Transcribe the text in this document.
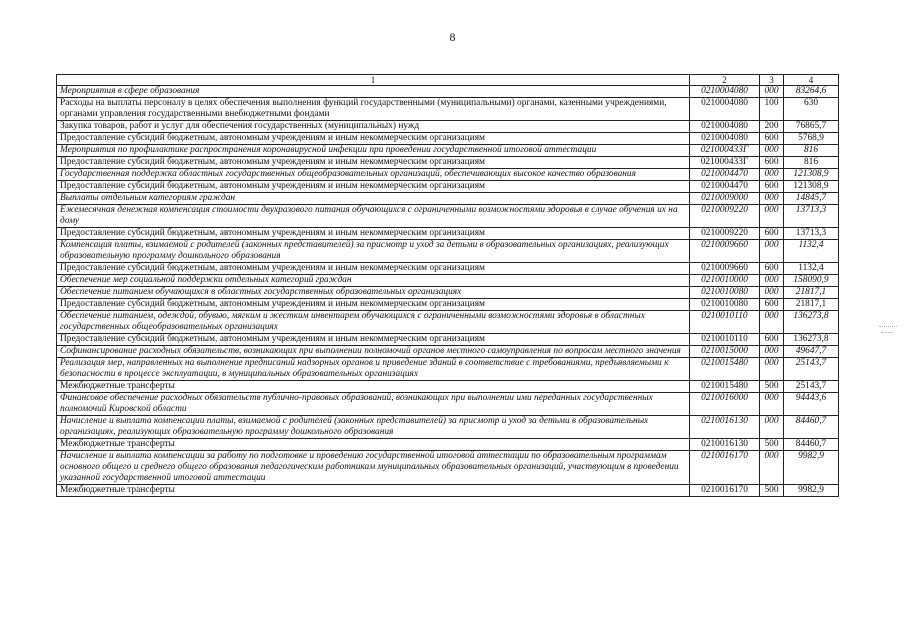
8
1	2	3	4
Мероприятия в сфере образования	0210004080	000	83264,6
Расходы на выплаты персоналу в целях обеспечения выполнения функций государственными (муниципальными) органами, казенными учреждениями, органами управления государственными внебюджетными фондами	0210004080	100	630
Закупка товаров, работ и услуг для обеспечения государственных (муниципальных) нужд	0210004080	200	76865,7
Предоставление субсидий бюджетным, автономным учреждениям и иным некоммерческим организациям	0210004080	600	5768,9
Мероприятия по профилактике распространения коронавирусной инфекции при проведении государственной итоговой аттестации	021000433Г	000	816
Предоставление субсидий бюджетным, автономным учреждениям и иным некоммерческим организациям	021000433Г	600	816
Государственная поддержка областных государственных общеобразовательных организаций, обеспечивающих высокое качество образования	0210004470	000	121308,9
Предоставление субсидий бюджетным, автономным учреждениям и иным некоммерческим организациям	0210004470	600	121308,9
Выплаты отдельным категориям граждан	0210009000	000	14845,7
Ежемесячная денежная компенсация стоимости двухразового питания обучающихся с ограниченными возможностями здоровья в случае обучения их на дому	0210009220	000	13713,3
Предоставление субсидий бюджетным, автономным учреждениям и иным некоммерческим организациям	0210009220	600	13713,3
Компенсация платы, взимаемой с родителей (законных представителей) за присмотр и уход за детьми в образовательных организациях, реализующих образовательную программу дошкольного образования	0210009660	000	1132,4
Предоставление субсидий бюджетным, автономным учреждениям и иным некоммерческим организациям	0210009660	600	1132,4
Обеспечение мер социальной поддержки отдельных категорий граждан	0210010000	000	158090,9
Обеспечение питанием обучающихся в областных государственных образовательных организациях	0210010080	000	21817,1
Предоставление субсидий бюджетным, автономным учреждениям и иным некоммерческим организациям	0210010080	600	21817,1
Обеспечение питанием, одеждой, обувью, мягким и жестким инвентарем обучающихся с ограниченными возможностями здоровья в областных государственных общеобразовательных организациях	0210010110	000	136273,8
Предоставление субсидий бюджетным, автономным учреждениям и иным некоммерческим организациям	0210010110	600	136273,8
Софинансирование расходных обязательств, возникающих при выполнении полномочий органов местного самоуправления по вопросам местного значения	0210015000	000	49647,7
Реализация мер, направленных на выполнение предписаний надзорных органов и приведение зданий в соответствие с требованиями, предъявляемыми к безопасности в процессе эксплуатации, в муниципальных образовательных организациях	0210015480	000	25143,7
Межбюджетные трансферты	0210015480	500	25143,7
Финансовое обеспечение расходных обязательств публично-правовых образований, возникающих при выполнении ими переданных государственных полномочий Кировской области	0210016000	000	94443,6
Начисление и выплата компенсации платы, взимаемой с родителей (законных представителей) за присмотр и уход за детьми в образовательных организациях, реализующих образовательную программу дошкольного образования	0210016130	000	84460,7
Межбюджетные трансферты	0210016130	500	84460,7
Начисление и выплата компенсации за работу по подготовке и проведению государственной итоговой аттестации по образовательным программам основного общего и среднего общего образования педагогическим работникам муниципальных образовательных организаций, участвующим в проведении указанной государственной итоговой аттестации	0210016170	000	9982,9
Межбюджетные трансферты	0210016170	500	9982,9
